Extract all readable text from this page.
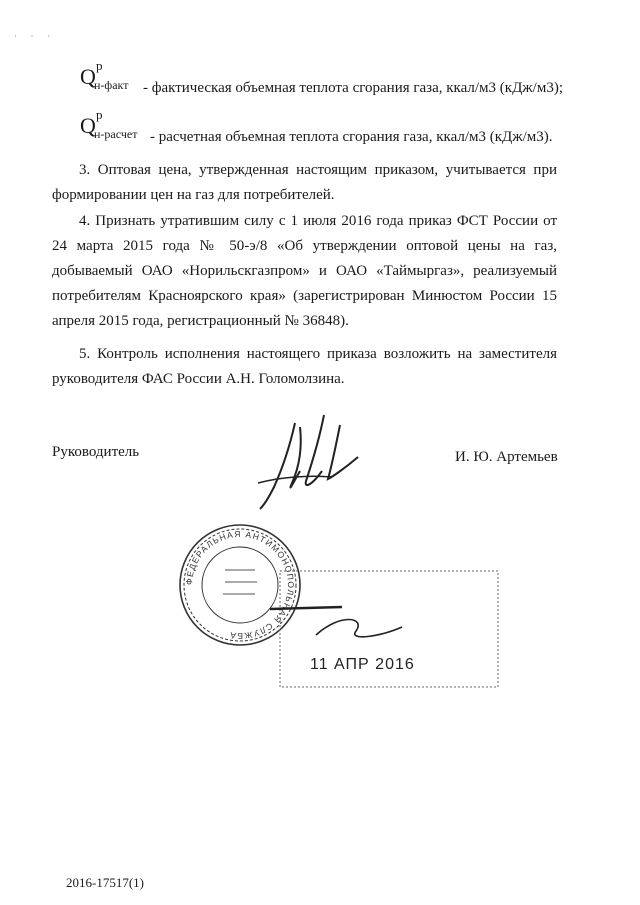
· · ·
Q р
н-факт - фактическая объемная теплота сгорания газа, ккал/м3 (кДж/м3);
Q р
н-расчет - расчетная объемная теплота сгорания газа, ккал/м3 (кДж/м3).

3. Оптовая цена, утвержденная настоящим приказом, учитывается при формировании цен на газ для потребителей.

4. Признать утратившим силу с 1 июля 2016 года приказ ФСТ России от 24 марта 2015 года № 50-э/8 «Об утверждении оптовой цены на газ, добываемый ОАО «Норильскгазпром» и ОАО «Таймыргаз», реализуемый потребителям Красноярского края» (зарегистрирован Минюстом России 15 апреля 2015 года, регистрационный № 36848).

5. Контроль исполнения настоящего приказа возложить на заместителя руководителя ФАС России А.Н. Голомолзина.

Руководитель	И. Ю. Артемьев
ФЕДЕРАЛЬНАЯ АНТИМОНОПОЛЬНАЯ СЛУЖБА
11 АПР 2016
2016-17517(1)
